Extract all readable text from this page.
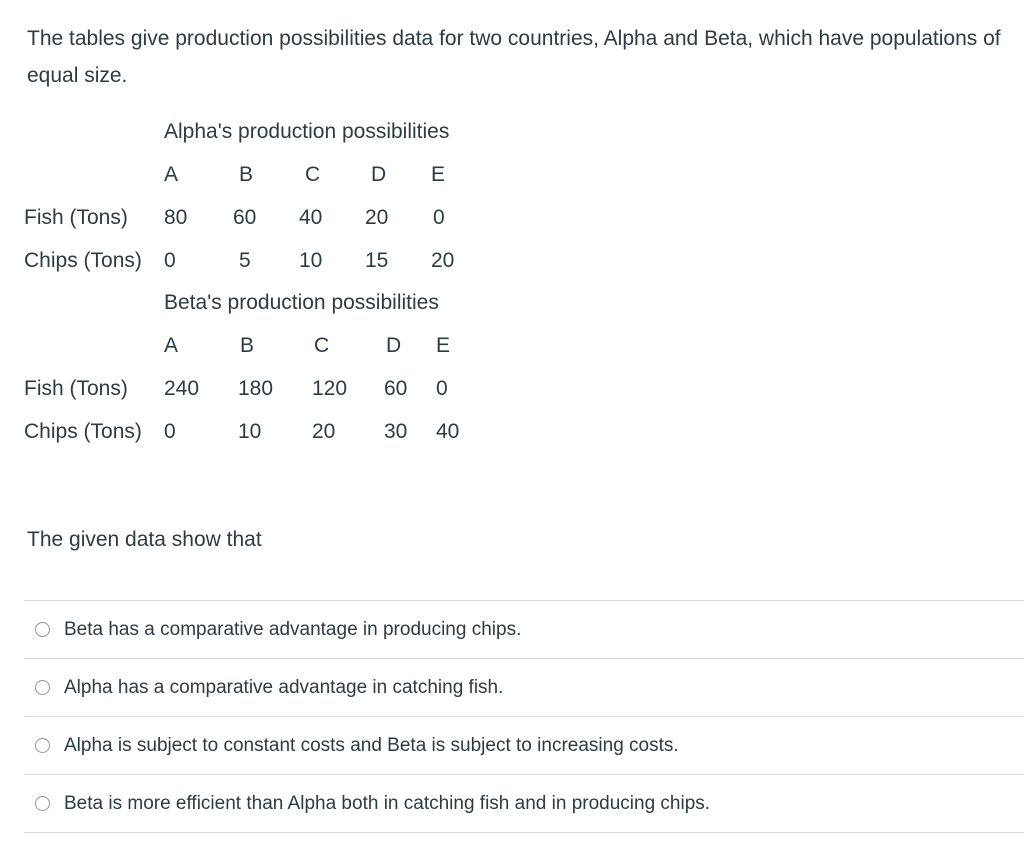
The tables give production possibilities data for two countries, Alpha and Beta, which have populations of equal size.

	Alpha's production possibilities				
	A	B	C	D	E
Fish (Tons)	80	60	40	20	0
Chips (Tons)	0	5	10	15	20
	Beta's production possibilities				
	A	B	C	D	E
Fish (Tons)	240	180	120	60	0
Chips (Tons)	0	10	20	30	40

The given data show that

Beta has a comparative advantage in producing chips.
Alpha has a comparative advantage in catching fish.
Alpha is subject to constant costs and Beta is subject to increasing costs.
Beta is more efficient than Alpha both in catching fish and in producing chips.
